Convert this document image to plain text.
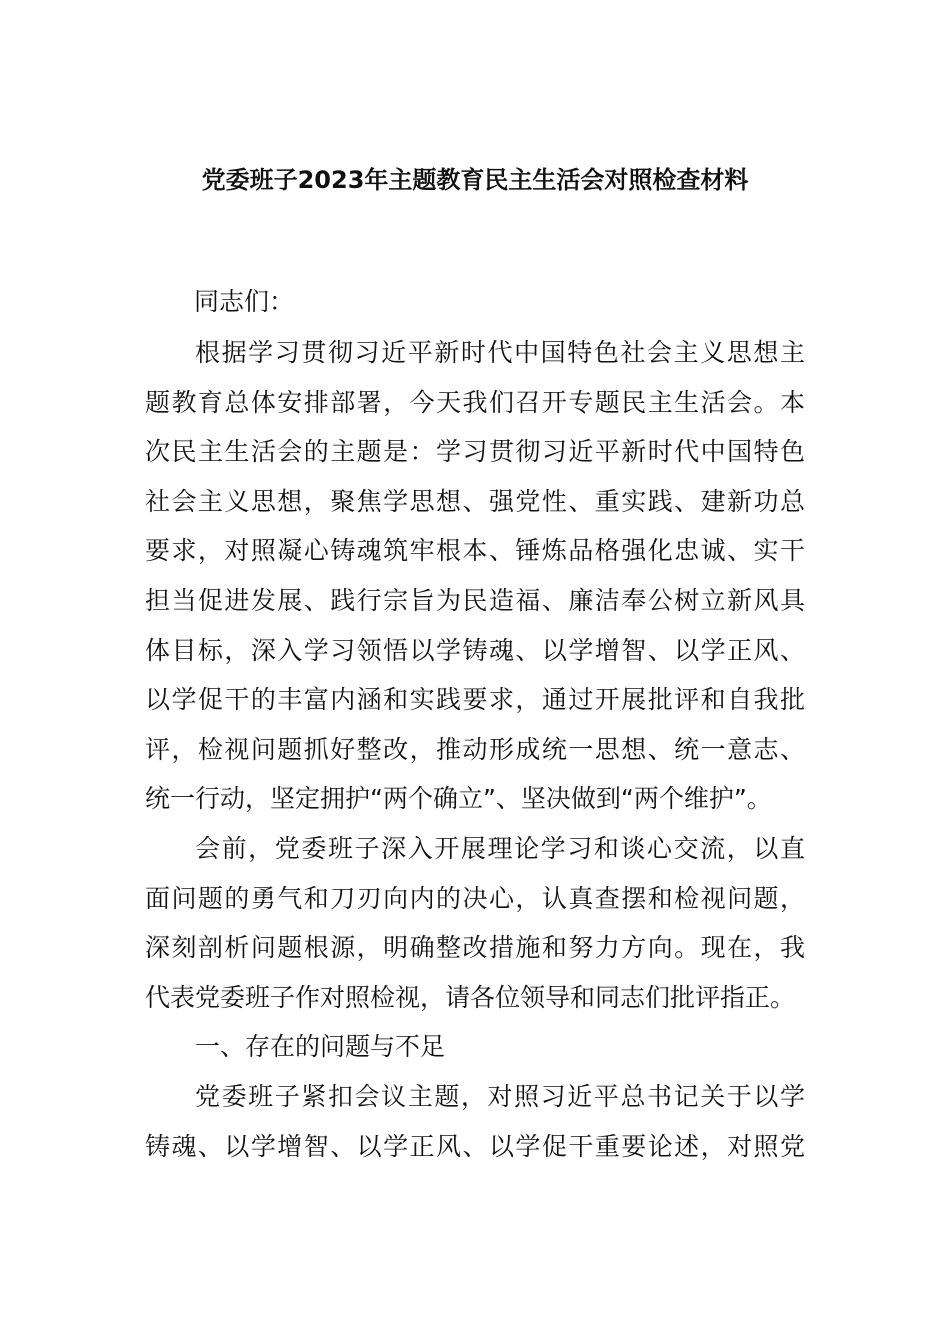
党委班子2023年主题教育民主生活会对照检查材料
同志们：
根据学习贯彻习近平新时代中国特色社会主义思想主
题教育总体安排部署，今天我们召开专题民主生活会。本
次民主生活会的主题是：学习贯彻习近平新时代中国特色
社会主义思想，聚焦学思想、强党性、重实践、建新功总
要求，对照凝心铸魂筑牢根本、锤炼品格强化忠诚、实干
担当促进发展、践行宗旨为民造福、廉洁奉公树立新风具
体目标，深入学习领悟以学铸魂、以学增智、以学正风、
以学促干的丰富内涵和实践要求，通过开展批评和自我批
评，检视问题抓好整改，推动形成统一思想、统一意志、
统一行动，坚定拥护“两个确立”、坚决做到“两个维护”。
会前，党委班子深入开展理论学习和谈心交流，以直
面问题的勇气和刀刃向内的决心，认真查摆和检视问题，
深刻剖析问题根源，明确整改措施和努力方向。现在，我
代表党委班子作对照检视，请各位领导和同志们批评指正。
一、存在的问题与不足
党委班子紧扣会议主题，对照习近平总书记关于以学
铸魂、以学增智、以学正风、以学促干重要论述，对照党
